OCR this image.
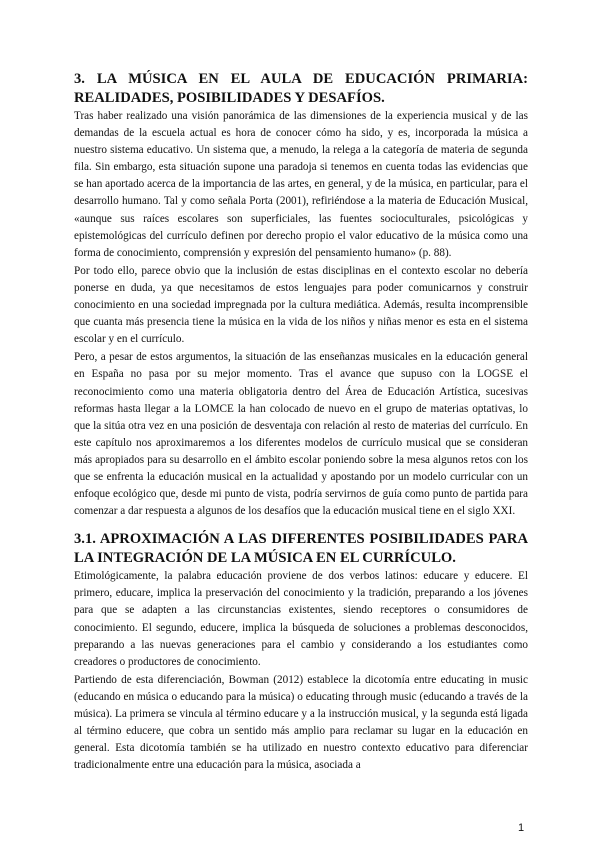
3. LA MÚSICA EN EL AULA DE EDUCACIÓN PRIMARIA: REALIDADES, POSIBILIDADES Y DESAFÍOS.

Tras haber realizado una visión panorámica de las dimensiones de la experiencia musical y de las demandas de la escuela actual es hora de conocer cómo ha sido, y es, incorporada la música a nuestro sistema educativo. Un sistema que, a menudo, la relega a la categoría de materia de segunda fila. Sin embargo, esta situación supone una paradoja si tenemos en cuenta todas las evidencias que se han aportado acerca de la importancia de las artes, en general, y de la música, en particular, para el desarrollo humano. Tal y como señala Porta (2001), refiriéndose a la materia de Educación Musical, «aunque sus raíces escolares son superficiales, las fuentes socioculturales, psicológicas y epistemológicas del currículo definen por derecho propio el valor educativo de la música como una forma de conocimiento, comprensión y expresión del pensamiento humano» (p. 88).

Por todo ello, parece obvio que la inclusión de estas disciplinas en el contexto escolar no debería ponerse en duda, ya que necesitamos de estos lenguajes para poder comunicarnos y construir conocimiento en una sociedad impregnada por la cultura mediática. Además, resulta incomprensible que cuanta más presencia tiene la música en la vida de los niños y niñas menor es esta en el sistema escolar y en el currículo.

Pero, a pesar de estos argumentos, la situación de las enseñanzas musicales en la educación general en España no pasa por su mejor momento. Tras el avance que supuso con la LOGSE el reconocimiento como una materia obligatoria dentro del Área de Educación Artística, sucesivas reformas hasta llegar a la LOMCE la han colocado de nuevo en el grupo de materias optativas, lo que la sitúa otra vez en una posición de desventaja con relación al resto de materias del currículo. En este capítulo nos aproximaremos a los diferentes modelos de currículo musical que se consideran más apropiados para su desarrollo en el ámbito escolar poniendo sobre la mesa algunos retos con los que se enfrenta la educación musical en la actualidad y apostando por un modelo curricular con un enfoque ecológico que, desde mi punto de vista, podría servirnos de guía como punto de partida para comenzar a dar respuesta a algunos de los desafíos que la educación musical tiene en el siglo XXI.

3.1. APROXIMACIÓN A LAS DIFERENTES POSIBILIDADES PARA LA INTEGRACIÓN DE LA MÚSICA EN EL CURRÍCULO.

Etimológicamente, la palabra educación proviene de dos verbos latinos: educare y educere. El primero, educare, implica la preservación del conocimiento y la tradición, preparando a los jóvenes para que se adapten a las circunstancias existentes, siendo receptores o consumidores de conocimiento. El segundo, educere, implica la búsqueda de soluciones a problemas desconocidos, preparando a las nuevas generaciones para el cambio y considerando a los estudiantes como creadores o productores de conocimiento.

Partiendo de esta diferenciación, Bowman (2012) establece la dicotomía entre educating in music (educando en música o educando para la música) o educating through music (educando a través de la música). La primera se vincula al término educare y a la instrucción musical, y la segunda está ligada al término educere, que cobra un sentido más amplio para reclamar su lugar en la educación en general. Esta dicotomía también se ha utilizado en nuestro contexto educativo para diferenciar tradicionalmente entre una educación para la música, asociada a

1
